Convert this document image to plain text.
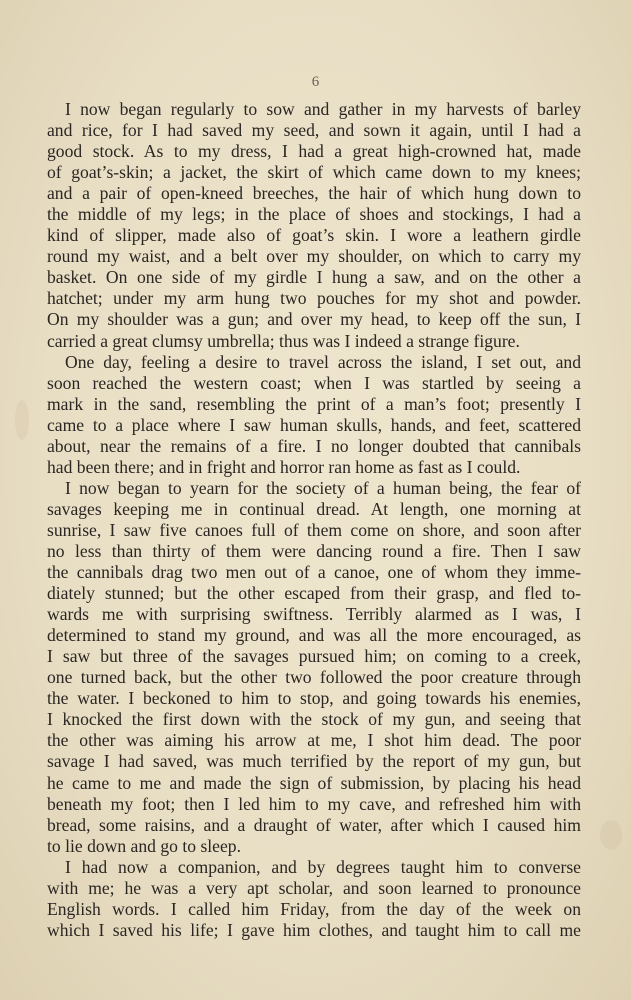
6
I now began regularly to sow and gather in my harvests of barley
and rice, for I had saved my seed, and sown it again, until I had a
good stock. As to my dress, I had a great high-crowned hat, made
of goat’s-skin; a jacket, the skirt of which came down to my knees;
and a pair of open-kneed breeches, the hair of which hung down to
the middle of my legs; in the place of shoes and stockings, I had a
kind of slipper, made also of goat’s skin. I wore a leathern girdle
round my waist, and a belt over my shoulder, on which to carry my
basket. On one side of my girdle I hung a saw, and on the other a
hatchet; under my arm hung two pouches for my shot and powder.
On my shoulder was a gun; and over my head, to keep off the sun, I
carried a great clumsy umbrella; thus was I indeed a strange figure.
One day, feeling a desire to travel across the island, I set out, and
soon reached the western coast; when I was startled by seeing a
mark in the sand, resembling the print of a man’s foot; presently I
came to a place where I saw human skulls, hands, and feet, scattered
about, near the remains of a fire. I no longer doubted that cannibals
had been there; and in fright and horror ran home as fast as I could.
I now began to yearn for the society of a human being, the fear of
savages keeping me in continual dread. At length, one morning at
sunrise, I saw five canoes full of them come on shore, and soon after
no less than thirty of them were dancing round a fire. Then I saw
the cannibals drag two men out of a canoe, one of whom they imme-
diately stunned; but the other escaped from their grasp, and fled to-
wards me with surprising swiftness. Terribly alarmed as I was, I
determined to stand my ground, and was all the more encouraged, as
I saw but three of the savages pursued him; on coming to a creek,
one turned back, but the other two followed the poor creature through
the water. I beckoned to him to stop, and going towards his enemies,
I knocked the first down with the stock of my gun, and seeing that
the other was aiming his arrow at me, I shot him dead. The poor
savage I had saved, was much terrified by the report of my gun, but
he came to me and made the sign of submission, by placing his head
beneath my foot; then I led him to my cave, and refreshed him with
bread, some raisins, and a draught of water, after which I caused him
to lie down and go to sleep.
I had now a companion, and by degrees taught him to converse
with me; he was a very apt scholar, and soon learned to pronounce
English words. I called him Friday, from the day of the week on
which I saved his life; I gave him clothes, and taught him to call me
